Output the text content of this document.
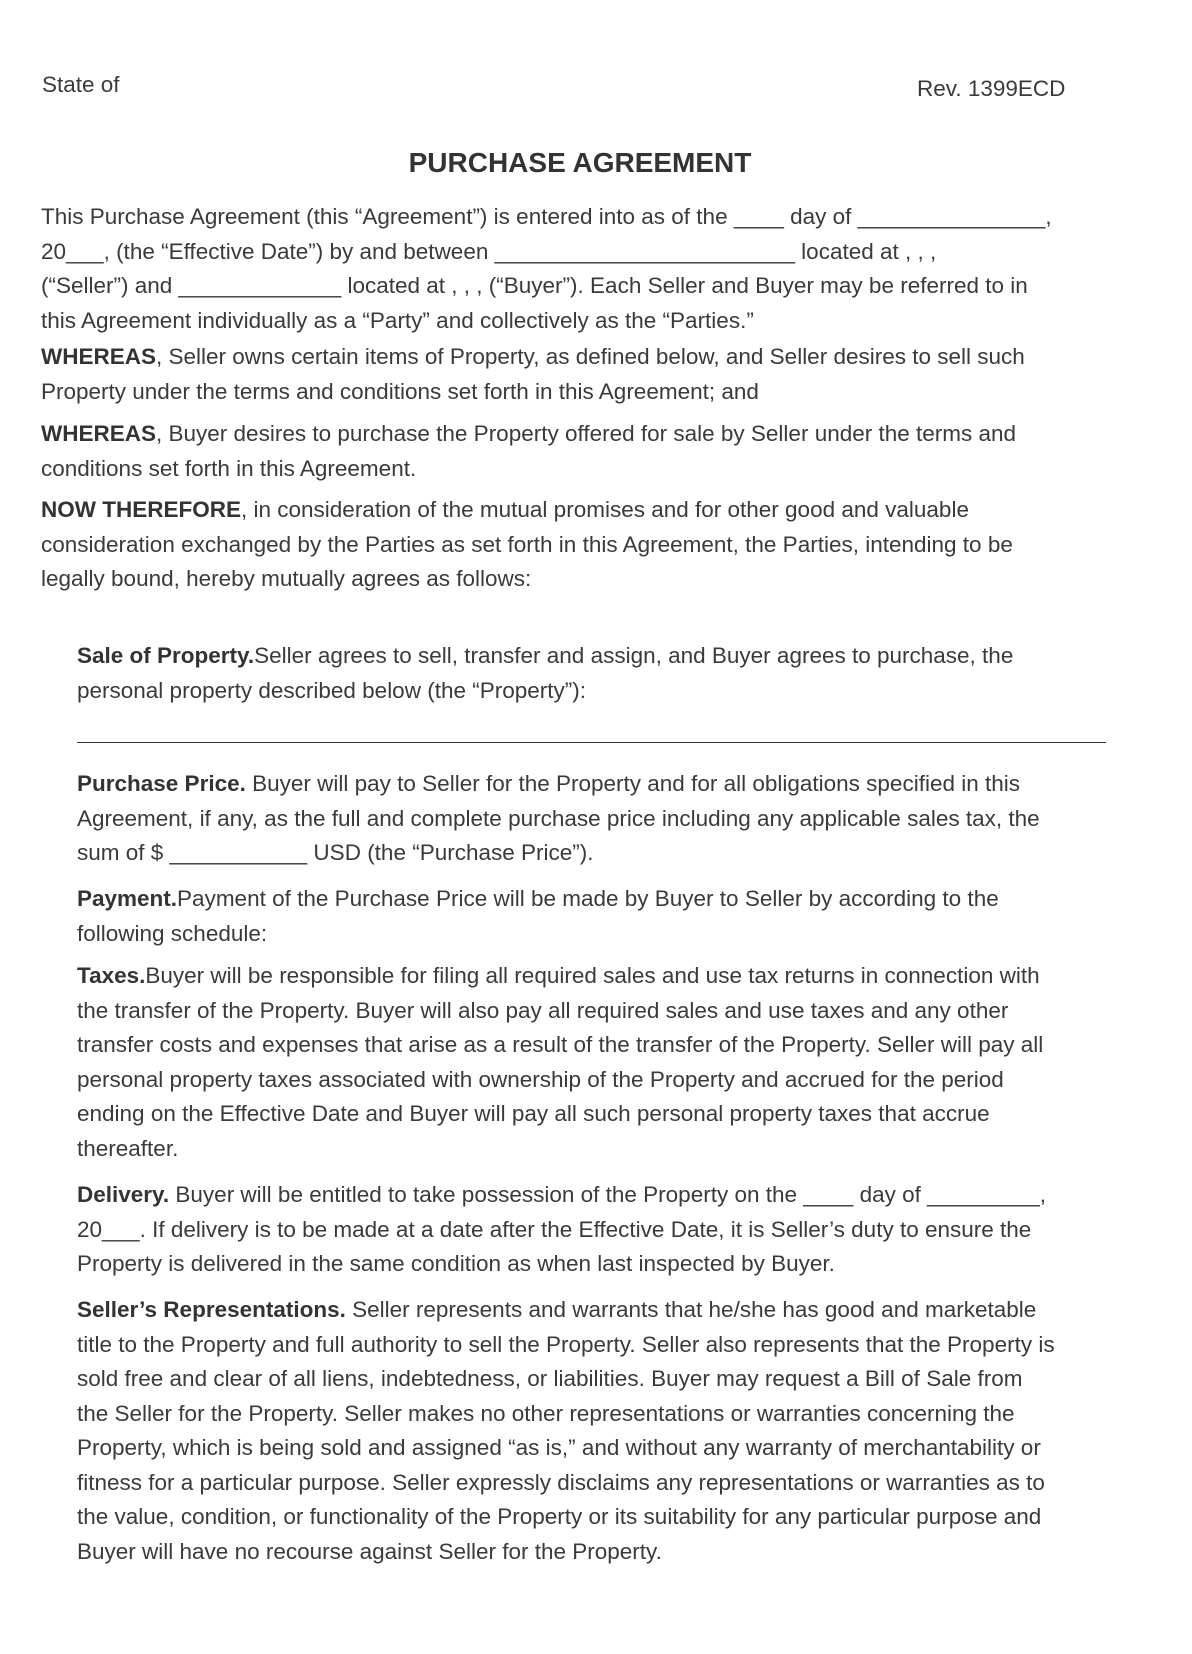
State of	Rev. 1399ECD
PURCHASE AGREEMENT

This Purchase Agreement (this “Agreement”) is entered into as of the ____ day of _______________,
20___, (the “Effective Date”) by and between ________________________ located at , , ,
(“Seller”) and _____________ located at , , , (“Buyer”). Each Seller and Buyer may be referred to in
this Agreement individually as a “Party” and collectively as the “Parties.”

WHEREAS, Seller owns certain items of Property, as defined below, and Seller desires to sell such
Property under the terms and conditions set forth in this Agreement; and

WHEREAS, Buyer desires to purchase the Property offered for sale by Seller under the terms and
conditions set forth in this Agreement.

NOW THEREFORE, in consideration of the mutual promises and for other good and valuable
consideration exchanged by the Parties as set forth in this Agreement, the Parties, intending to be
legally bound, hereby mutually agrees as follows:

Sale of Property.Seller agrees to sell, transfer and assign, and Buyer agrees to purchase, the
personal property described below (the “Property”):

Purchase Price. Buyer will pay to Seller for the Property and for all obligations specified in this
Agreement, if any, as the full and complete purchase price including any applicable sales tax, the
sum of $ ___________ USD (the “Purchase Price”).

Payment.Payment of the Purchase Price will be made by Buyer to Seller by according to the
following schedule:

Taxes.Buyer will be responsible for filing all required sales and use tax returns in connection with
the transfer of the Property. Buyer will also pay all required sales and use taxes and any other
transfer costs and expenses that arise as a result of the transfer of the Property. Seller will pay all
personal property taxes associated with ownership of the Property and accrued for the period
ending on the Effective Date and Buyer will pay all such personal property taxes that accrue
thereafter.

Delivery. Buyer will be entitled to take possession of the Property on the ____ day of _________,
20___. If delivery is to be made at a date after the Effective Date, it is Seller’s duty to ensure the
Property is delivered in the same condition as when last inspected by Buyer.

Seller’s Representations. Seller represents and warrants that he/she has good and marketable
title to the Property and full authority to sell the Property. Seller also represents that the Property is
sold free and clear of all liens, indebtedness, or liabilities. Buyer may request a Bill of Sale from
the Seller for the Property. Seller makes no other representations or warranties concerning the
Property, which is being sold and assigned “as is,” and without any warranty of merchantability or
fitness for a particular purpose. Seller expressly disclaims any representations or warranties as to
the value, condition, or functionality of the Property or its suitability for any particular purpose and
Buyer will have no recourse against Seller for the Property.
